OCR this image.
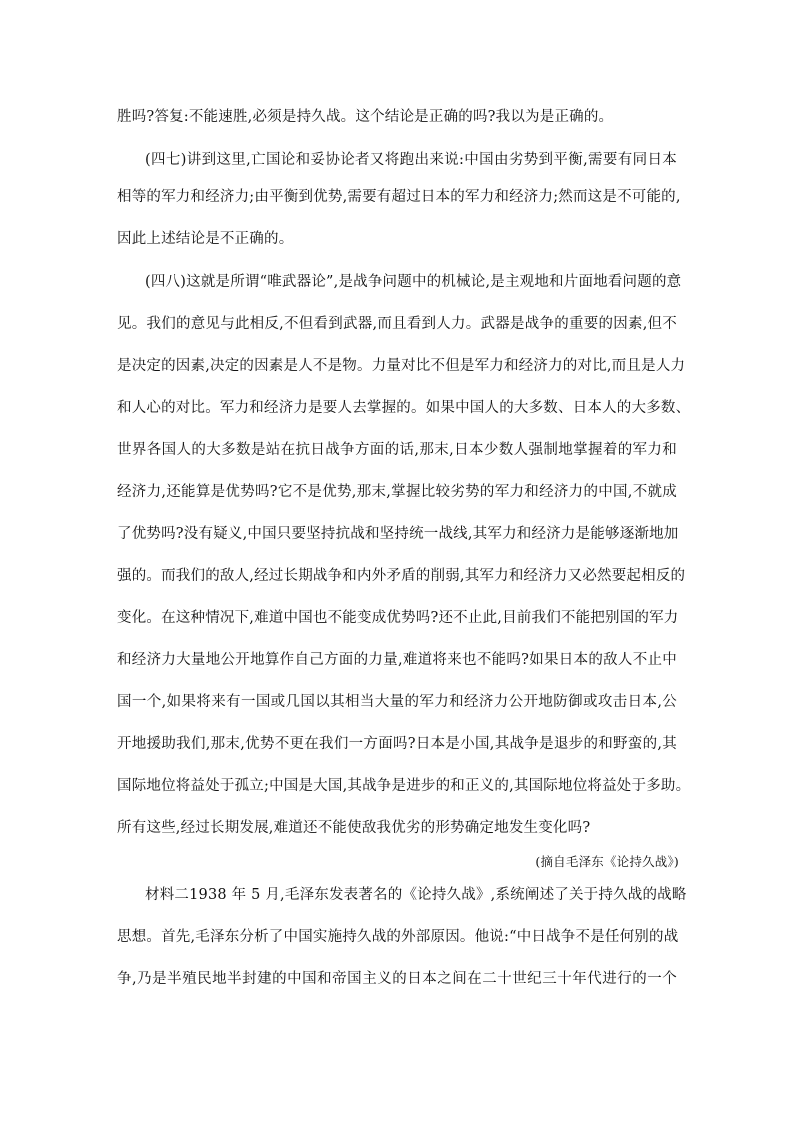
胜吗?答复:不能速胜,必须是持久战。这个结论是正确的吗?我以为是正确的。
(四七)讲到这里,亡国论和妥协论者又将跑出来说:中国由劣势到平衡,需要有同日本
相等的军力和经济力;由平衡到优势,需要有超过日本的军力和经济力;然而这是不可能的,
因此上述结论是不正确的。
(四八)这就是所谓“唯武器论”,是战争问题中的机械论,是主观地和片面地看问题的意
见。我们的意见与此相反,不但看到武器,而且看到人力。武器是战争的重要的因素,但不
是决定的因素,决定的因素是人不是物。力量对比不但是军力和经济力的对比,而且是人力
和人心的对比。军力和经济力是要人去掌握的。如果中国人的大多数、日本人的大多数、
世界各国人的大多数是站在抗日战争方面的话,那末,日本少数人强制地掌握着的军力和
经济力,还能算是优势吗?它不是优势,那末,掌握比较劣势的军力和经济力的中国,不就成
了优势吗?没有疑义,中国只要坚持抗战和坚持统一战线,其军力和经济力是能够逐渐地加
强的。而我们的敌人,经过长期战争和内外矛盾的削弱,其军力和经济力又必然要起相反的
变化。在这种情况下,难道中国也不能变成优势吗?还不止此,目前我们不能把别国的军力
和经济力大量地公开地算作自己方面的力量,难道将来也不能吗?如果日本的敌人不止中
国一个,如果将来有一国或几国以其相当大量的军力和经济力公开地防御或攻击日本,公
开地援助我们,那末,优势不更在我们一方面吗?日本是小国,其战争是退步的和野蛮的,其
国际地位将益处于孤立;中国是大国,其战争是进步的和正义的,其国际地位将益处于多助。
所有这些,经过长期发展,难道还不能使敌我优劣的形势确定地发生变化吗?
(摘自毛泽东《论持久战》)
材料二1938 年 5 月,毛泽东发表著名的《论持久战》,系统阐述了关于持久战的战略
思想。首先,毛泽东分析了中国实施持久战的外部原因。他说:“中日战争不是任何别的战
争,乃是半殖民地半封建的中国和帝国主义的日本之间在二十世纪三十年代进行的一个
